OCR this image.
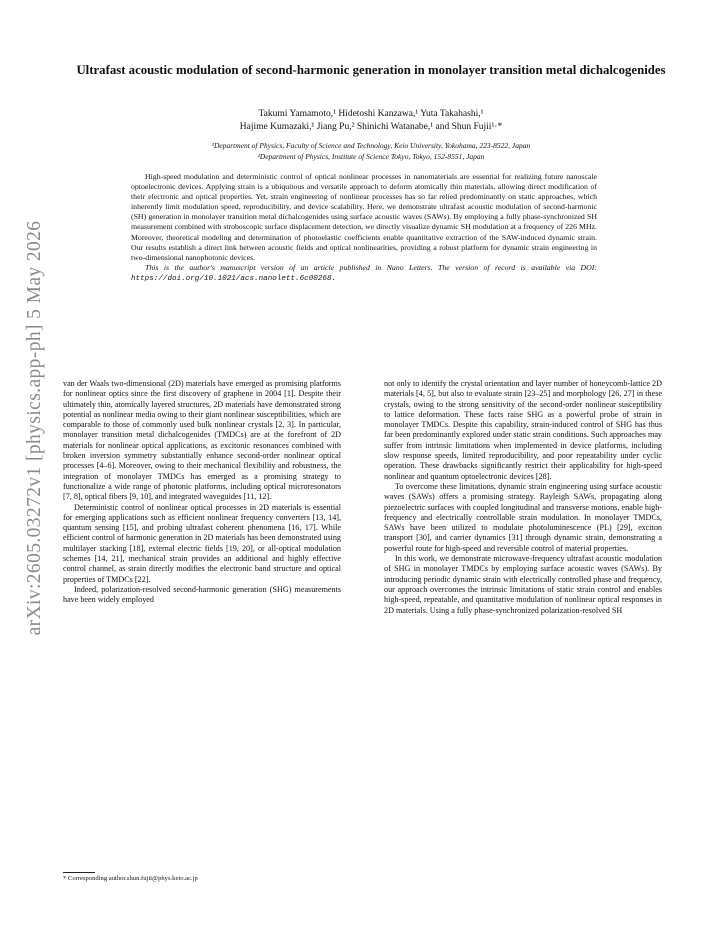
arXiv:2605.03272v1 [physics.app-ph] 5 May 2026
Ultrafast acoustic modulation of second-harmonic generation in monolayer transition metal dichalcogenides
Takumi Yamamoto,¹ Hidetoshi Kanzawa,¹ Yuta Takahashi,¹
Hajime Kumazaki,¹ Jiang Pu,² Shinichi Watanabe,¹ and Shun Fujii¹·*
¹Department of Physics, Faculty of Science and Technology, Keio University, Yokohama, 223-8522, Japan
²Department of Physics, Institute of Science Tokyo, Tokyo, 152-8551, Japan

High-speed modulation and deterministic control of optical nonlinear processes in nanomaterials are essential for realizing future nanoscale optoelectronic devices. Applying strain is a ubiquitous and versatile approach to deform atomically thin materials, allowing direct modification of their electronic and optical properties. Yet, strain engineering of nonlinear processes has so far relied predominantly on static approaches, which inherently limit modulation speed, reproducibility, and device scalability. Here, we demonstrate ultrafast acoustic modulation of second-harmonic (SH) generation in monolayer transition metal dichalcogenides using surface acoustic waves (SAWs). By employing a fully phase-synchronized SH measurement combined with stroboscopic surface displacement detection, we directly visualize dynamic SH modulation at a frequency of 226 MHz. Moreover, theoretical modeling and determination of photoelastic coefficients enable quantitative extraction of the SAW-induced dynamic strain. Our results establish a direct link between acoustic fields and optical nonlinearities, providing a robust platform for dynamic strain engineering in two-dimensional nanophotonic devices.

This is the author's manuscript version of an article published in Nano Letters. The version of record is available via DOI: https://doi.org/10.1021/acs.nanolett.6c00268.

van der Waals two-dimensional (2D) materials have emerged as promising platforms for nonlinear optics since the first discovery of graphene in 2004 [1]. Despite their ultimately thin, atomically layered structures, 2D materials have demonstrated strong potential as nonlinear media owing to their giant nonlinear susceptibilities, which are comparable to those of commonly used bulk nonlinear crystals [2, 3]. In particular, monolayer transition metal dichalcogenides (TMDCs) are at the forefront of 2D materials for nonlinear optical applications, as excitonic resonances combined with broken inversion symmetry substantially enhance second-order nonlinear optical processes [4–6]. Moreover, owing to their mechanical flexibility and robustness, the integration of monolayer TMDCs has emerged as a promising strategy to functionalize a wide range of photonic platforms, including optical microresonators [7, 8], optical fibers [9, 10], and integrated waveguides [11, 12].

Deterministic control of nonlinear optical processes in 2D materials is essential for emerging applications such as efficient nonlinear frequency converters [13, 14], quantum sensing [15], and probing ultrafast coherent phenomena [16, 17]. While efficient control of harmonic generation in 2D materials has been demonstrated using multilayer stacking [18], external electric fields [19, 20], or all-optical modulation schemes [14, 21], mechanical strain provides an additional and highly effective control channel, as strain directly modifies the electronic band structure and optical properties of TMDCs [22].

Indeed, polarization-resolved second-harmonic generation (SHG) measurements have been widely employed

not only to identify the crystal orientation and layer number of honeycomb-lattice 2D materials [4, 5], but also to evaluate strain [23–25] and morphology [26, 27] in these crystals, owing to the strong sensitivity of the second-order nonlinear susceptibility to lattice deformation. These facts raise SHG as a powerful probe of strain in monolayer TMDCs. Despite this capability, strain-induced control of SHG has thus far been predominantly explored under static strain conditions. Such approaches may suffer from intrinsic limitations when implemented in device platforms, including slow response speeds, limited reproducibility, and poor repeatability under cyclic operation. These drawbacks significantly restrict their applicability for high-speed nonlinear and quantum optoelectronic devices [28].

To overcome these limitations, dynamic strain engineering using surface acoustic waves (SAWs) offers a promising strategy. Rayleigh SAWs, propagating along piezoelectric surfaces with coupled longitudinal and transverse motions, enable high-frequency and electrically controllable strain modulation. In monolayer TMDCs, SAWs have been utilized to modulate photoluminescence (PL) [29], exciton transport [30], and carrier dynamics [31] through dynamic strain, demonstrating a powerful route for high-speed and reversible control of material properties.

In this work, we demonstrate microwave-frequency ultrafast acoustic modulation of SHG in monolayer TMDCs by employing surface acoustic waves (SAWs). By introducing periodic dynamic strain with electrically controlled phase and frequency, our approach overcomes the intrinsic limitations of static strain control and enables high-speed, repeatable, and quantitative modulation of nonlinear optical responses in 2D materials. Using a fully phase-synchronized polarization-resolved SH

* Corresponding author.shun.fujii@phys.keio.ac.jp
